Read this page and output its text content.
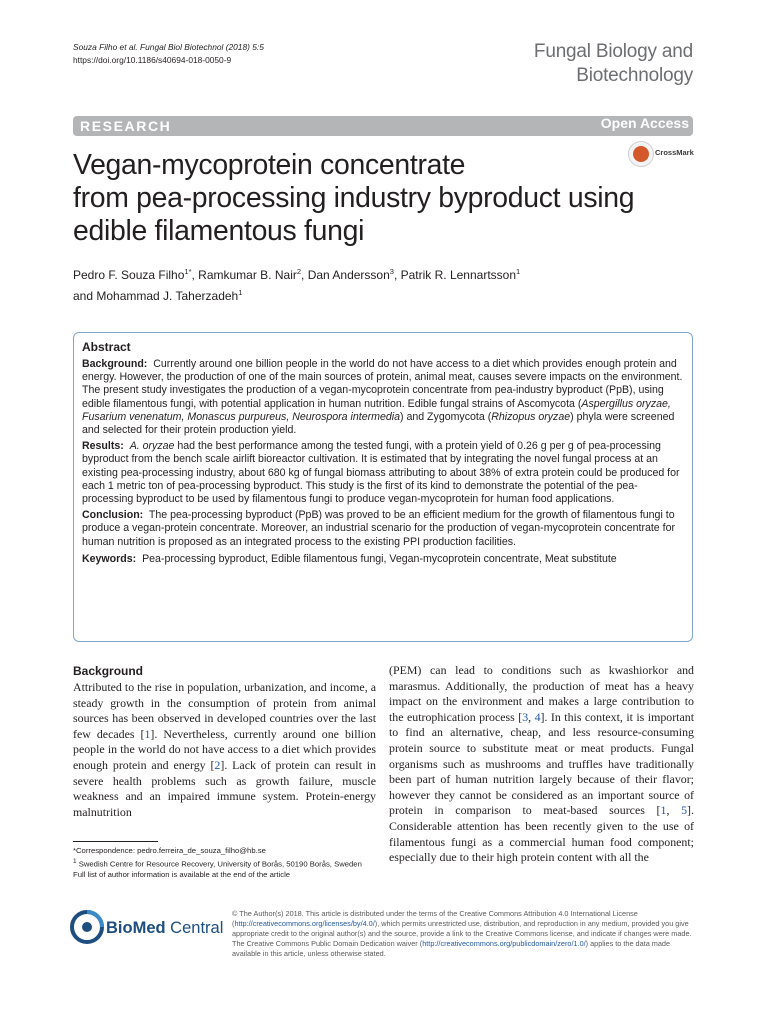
Souza Filho et al. Fungal Biol Biotechnol (2018) 5:5
https://doi.org/10.1186/s40694-018-0050-9	Fungal Biology and
Biotechnology
RESEARCH	Open Access
CrossMark
Vegan-mycoprotein concentrate
from pea-processing industry byproduct using
edible filamentous fungi
Pedro F. Souza Filho$^{1*}$, Ramkumar B. Nair$^2$, Dan Andersson$^3$, Patrik R. Lennartsson$^1$
and Mohammad J. Taherzadeh$^1$
Abstract

Background: Currently around one billion people in the world do not have access to a diet which provides enough protein and energy. However, the production of one of the main sources of protein, animal meat, causes severe impacts on the environment. The present study investigates the production of a vegan-mycoprotein concentrate from pea-industry byproduct (PpB), using edible filamentous fungi, with potential application in human nutrition. Edible fungal strains of Ascomycota (Aspergillus oryzae, Fusarium venenatum, Monascus purpureus, Neurospora intermedia) and Zygomycota (Rhizopus oryzae) phyla were screened and selected for their protein production yield.

Results: A. oryzae had the best performance among the tested fungi, with a protein yield of 0.26 g per g of pea-processing byproduct from the bench scale airlift bioreactor cultivation. It is estimated that by integrating the novel fungal process at an existing pea-processing industry, about 680 kg of fungal biomass attributing to about 38% of extra protein could be produced for each 1 metric ton of pea-processing byproduct. This study is the first of its kind to demonstrate the potential of the pea-processing byproduct to be used by filamentous fungi to produce vegan-mycoprotein for human food applications.

Conclusion: The pea-processing byproduct (PpB) was proved to be an efficient medium for the growth of filamentous fungi to produce a vegan-protein concentrate. Moreover, an industrial scenario for the production of vegan-mycoprotein concentrate for human nutrition is proposed as an integrated process to the existing PPI production facilities.

Keywords: Pea-processing byproduct, Edible filamentous fungi, Vegan-mycoprotein concentrate, Meat substitute

Background

Attributed to the rise in population, urbanization, and income, a steady growth in the consumption of protein from animal sources has been observed in developed countries over the last few decades [1]. Nevertheless, currently around one billion people in the world do not have access to a diet which provides enough protein and energy [2]. Lack of protein can result in severe health problems such as growth failure, muscle weakness and an impaired immune system. Protein-energy malnutrition

(PEM) can lead to conditions such as kwashiorkor and marasmus. Additionally, the production of meat has a heavy impact on the environment and makes a large contribution to the eutrophication process [3, 4]. In this context, it is important to find an alternative, cheap, and less resource-consuming protein source to substitute meat or meat products. Fungal organisms such as mushrooms and truffles have traditionally been part of human nutrition largely because of their flavor; however they cannot be considered as an important source of protein in comparison to meat-based sources [1, 5]. Considerable attention has been recently given to the use of filamentous fungi as a commercial human food component; especially due to their high protein content with all the

*Correspondence: pedro.ferreira_de_souza_filho@hb.se
$^1$ Swedish Centre for Resource Recovery, University of Borås, 50190 Borås, Sweden
Full list of author information is available at the end of the article
BioMed Central
© The Author(s) 2018. This article is distributed under the terms of the Creative Commons Attribution 4.0 International License (http://creativecommons.org/licenses/by/4.0/), which permits unrestricted use, distribution, and reproduction in any medium, provided you give appropriate credit to the original author(s) and the source, provide a link to the Creative Commons license, and indicate if changes were made. The Creative Commons Public Domain Dedication waiver (http://creativecommons.org/publicdomain/zero/1.0/) applies to the data made available in this article, unless otherwise stated.
